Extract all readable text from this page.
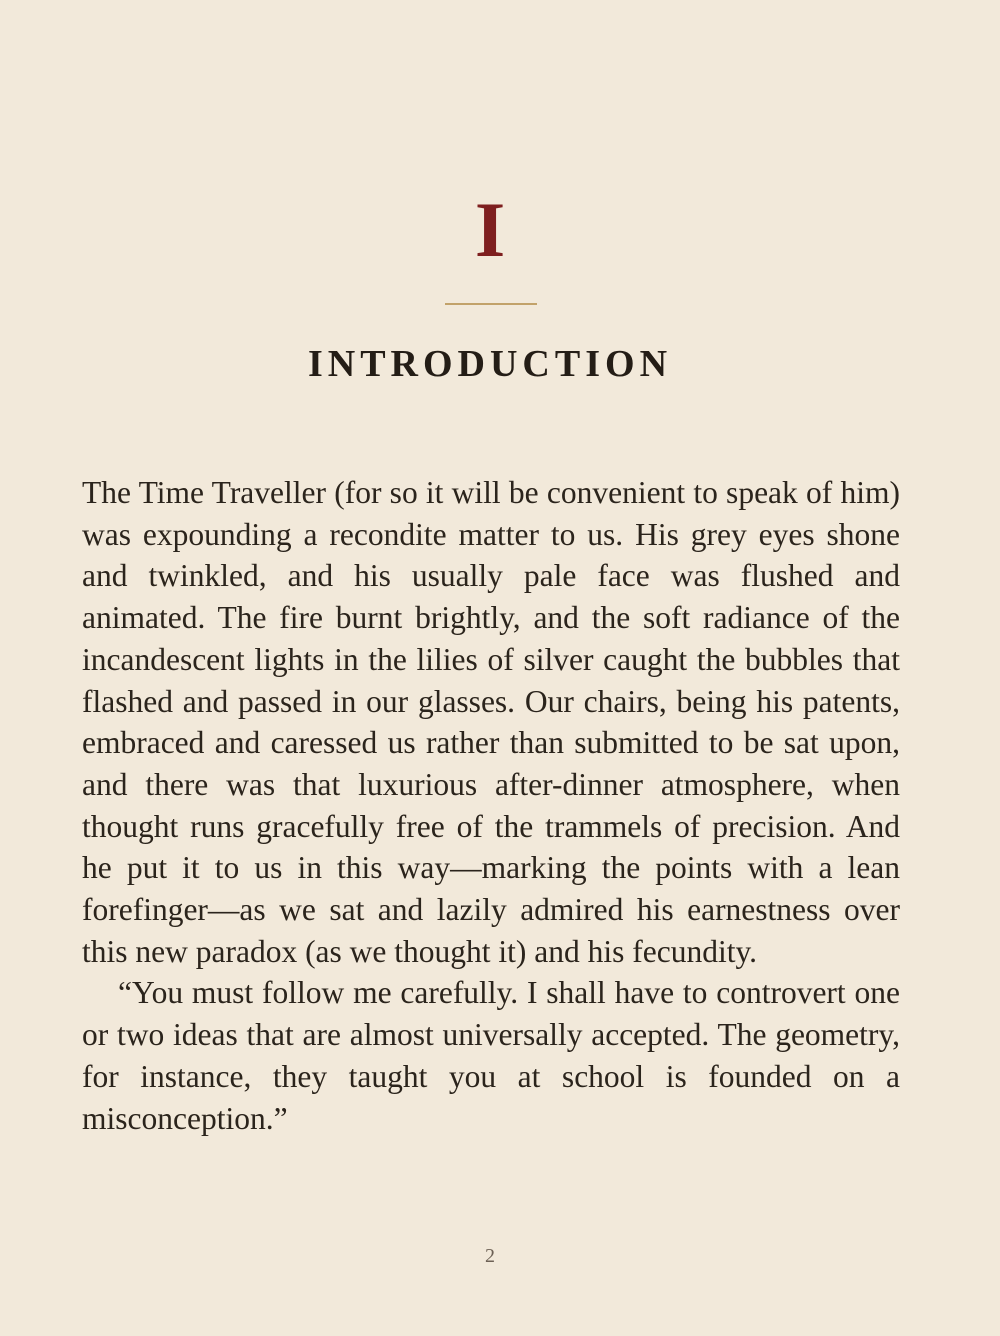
I
INTRODUCTION

The Time Traveller (for so it will be convenient to speak of him) was expounding a recondite matter to us. His grey eyes shone and twinkled, and his usually pale face was flushed and animated. The fire burnt brightly, and the soft radiance of the incandescent lights in the lilies of silver caught the bubbles that flashed and passed in our glasses. Our chairs, being his patents, embraced and caressed us rather than submitted to be sat upon, and there was that luxurious after-dinner atmosphere, when thought runs gracefully free of the trammels of precision. And he put it to us in this way—marking the points with a lean forefinger—as we sat and lazily admired his earnestness over this new paradox (as we thought it) and his fecundity.

“You must follow me carefully. I shall have to controvert one or two ideas that are almost universally accepted. The geometry, for instance, they taught you at school is founded on a misconception.”

2
